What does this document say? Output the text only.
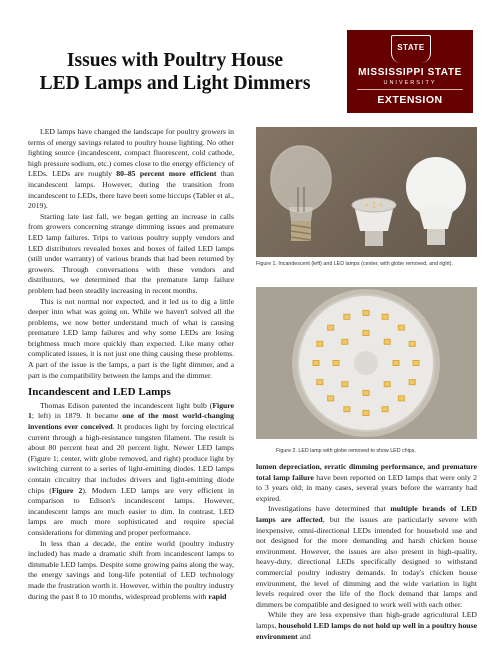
Issues with Poultry House
LED Lamps and Light Dimmers
STATE
MISSISSIPPI STATE
UNIVERSITY
EXTENSION

LED lamps have changed the landscape for poultry growers in terms of energy savings related to poultry house lighting. No other lighting source (incandescent, compact fluorescent, cold cathode, high pressure sodium, etc.) comes close to the energy efficiency of LEDs. LEDs are roughly 80–85 percent more efficient than incandescent lamps. However, during the transition from incandescent to LEDs, there have been some hiccups (Tabler et al., 2019).

Starting late last fall, we began getting an increase in calls from growers concerning strange dimming issues and premature LED lamp failures. Trips to various poultry supply vendors and LED distributors revealed boxes and boxes of failed LED lamps (still under warranty) of various brands that had been returned by growers. Through conversations with these vendors and distributors, we determined that the premature lamp failure problem had been steadily increasing in recent months.

This is not normal nor expected, and it led us to dig a little deeper into what was going on. While we haven't solved all the problems, we now better understand much of what is causing premature LED lamp failures and why some LEDs are losing brightness much more quickly than expected. Like many other complicated issues, it is not just one thing causing these problems. A part of the issue is the lamps, a part is the light dimmer, and a part is the compatibility between the lamps and the dimmer.

Incandescent and LED Lamps

Thomas Edison patented the incandescent light bulb (Figure 1; left) in 1879. It became one of the most world-changing inventions ever conceived. It produces light by forcing electrical current through a high-resistance tungsten filament. The result is about 80 percent heat and 20 percent light. Newer LED lamps (Figure 1; center, with globe removed, and right) produce light by switching current to a series of light-emitting diodes. LED lamps contain circuitry that includes drivers and light-emitting diode chips (Figure 2). Modern LED lamps are very efficient in comparison to Edison's incandescent lamps. However, incandescent lamps are much easier to dim. In contrast, LED lamps are much more sophisticated and require special considerations for dimming and proper performance.

In less than a decade, the entire world (poultry industry included) has made a dramatic shift from incandescent lamps to dimmable LED lamps. Despite some growing pains along the way, the energy savings and long-life potential of LED technology made the frustration worth it. However, within the poultry industry during the past 8 to 10 months, widespread problems with rapid

Figure 1. Incandescent (left) and LED lamps (center, with globe removed, and right).
Figure 2. LED lamp with globe removed to show LED chips.

lumen depreciation, erratic dimming performance, and premature total lamp failure have been reported on LED lamps that were only 2 to 3 years old; in many cases, several years before the warranty had expired.

Investigations have determined that multiple brands of LED lamps are affected, but the issues are particularly severe with inexpensive, omni-directional LEDs intended for household use and not designed for the more demanding and harsh chicken house environment. However, the issues are also present in high-quality, heavy-duty, directional LEDs specifically designed to withstand commercial poultry industry demands. In today's chicken house environment, the level of dimming and the wide variation in light levels required over the life of the flock demand that lamps and dimmers be compatible and designed to work well with each other.

While they are less expensive than high-grade agricultural LED lamps, household LED lamps do not hold up well in a poultry house environment and
